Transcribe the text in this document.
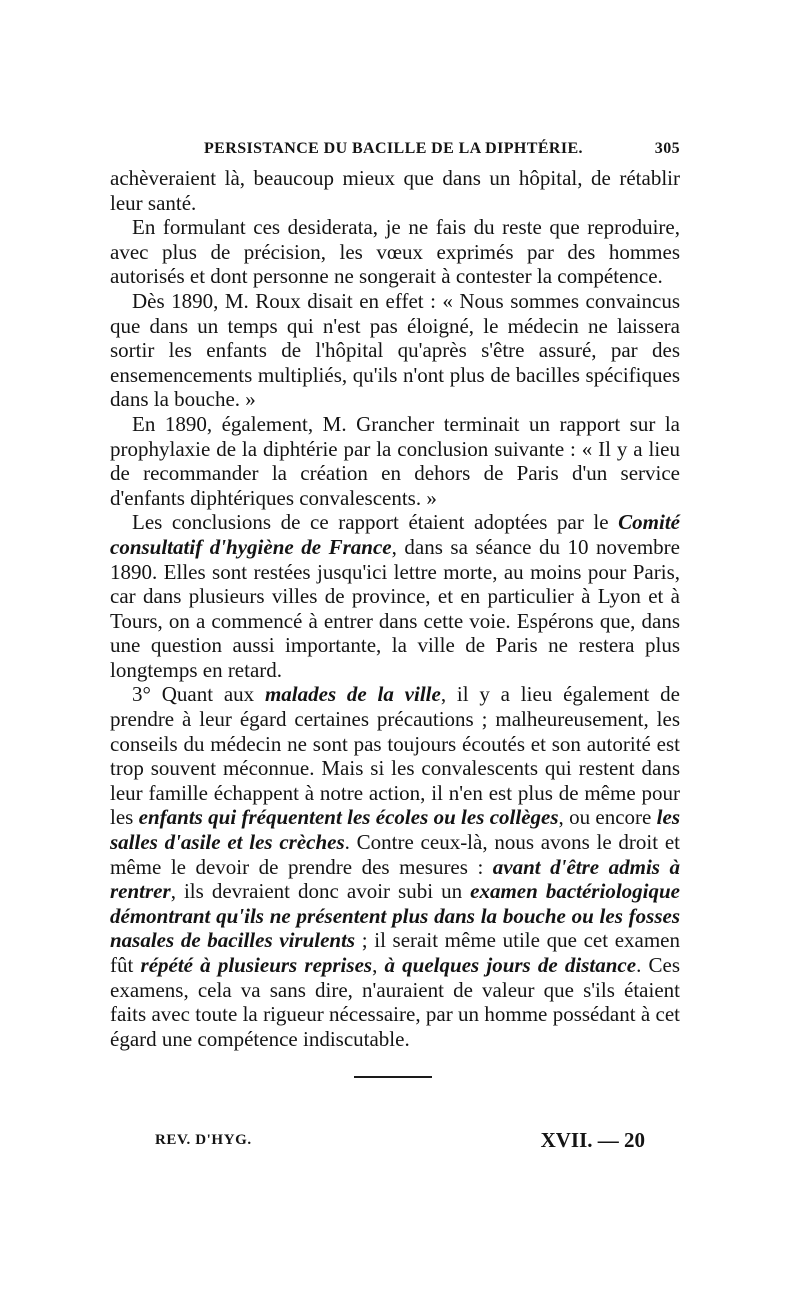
PERSISTANCE DU BACILLE DE LA DIPHTÉRIE.	305

achèveraient là, beaucoup mieux que dans un hôpital, de rétablir leur santé.

En formulant ces desiderata, je ne fais du reste que reproduire, avec plus de précision, les vœux exprimés par des hommes autorisés et dont personne ne songerait à contester la compétence.

Dès 1890, M. Roux disait en effet : « Nous sommes convaincus que dans un temps qui n'est pas éloigné, le médecin ne laissera sortir les enfants de l'hôpital qu'après s'être assuré, par des ensemencements multipliés, qu'ils n'ont plus de bacilles spécifiques dans la bouche. »

En 1890, également, M. Grancher terminait un rapport sur la prophylaxie de la diphtérie par la conclusion suivante : « Il y a lieu de recommander la création en dehors de Paris d'un service d'enfants diphtériques convalescents. »

Les conclusions de ce rapport étaient adoptées par le Comité consultatif d'hygiène de France, dans sa séance du 10 novembre 1890. Elles sont restées jusqu'ici lettre morte, au moins pour Paris, car dans plusieurs villes de province, et en particulier à Lyon et à Tours, on a commencé à entrer dans cette voie. Espérons que, dans une question aussi importante, la ville de Paris ne restera plus longtemps en retard.

3° Quant aux malades de la ville, il y a lieu également de prendre à leur égard certaines précautions ; malheureusement, les conseils du médecin ne sont pas toujours écoutés et son autorité est trop souvent méconnue. Mais si les convalescents qui restent dans leur famille échappent à notre action, il n'en est plus de même pour les enfants qui fréquentent les écoles ou les collèges, ou encore les salles d'asile et les crèches. Contre ceux-là, nous avons le droit et même le devoir de prendre des mesures : avant d'être admis à rentrer, ils devraient donc avoir subi un examen bactériologique démontrant qu'ils ne présentent plus dans la bouche ou les fosses nasales de bacilles virulents ; il serait même utile que cet examen fût répété à plusieurs reprises, à quelques jours de distance. Ces examens, cela va sans dire, n'auraient de valeur que s'ils étaient faits avec toute la rigueur nécessaire, par un homme possédant à cet égard une compétence indiscutable.

REV. D'HYG.	XVII. — 20
